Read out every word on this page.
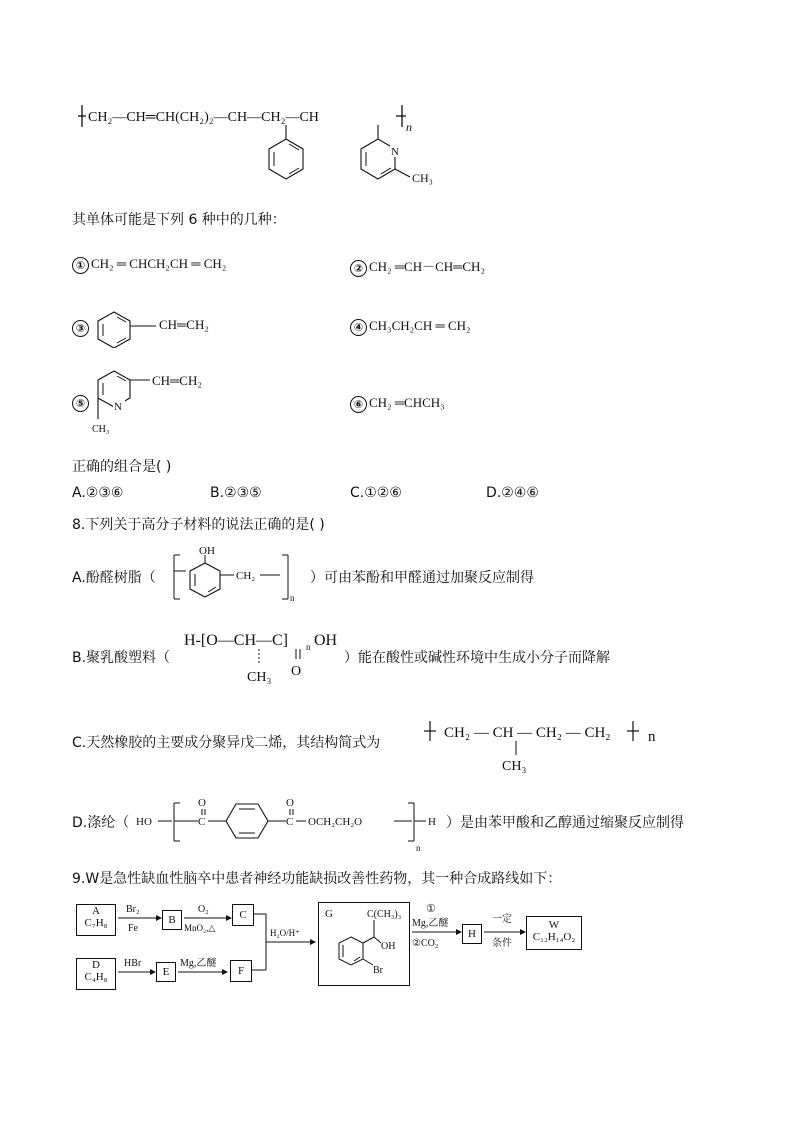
CH₂—CH═CH(CH₂)₂—CH—CH₂—CH
n
N
CH₃
其单体可能是下列 6 种中的几种：
① CH₂ ═ CHCH₂CH ═ CH₂	② CH₂ ═CH－CH═CH₂
③	CH═CH₂	④ CH₃CH₂CH ═ CH₂
⑤	N
CH₃
CH═CH₂
⑥ CH₂ ═CHCH₃
正确的组合是( )
A.②③⑥	B.②③⑤	C.①②⑥	D.②④⑥
8.下列关于高分子材料的说法正确的是( )
A.酚醛树脂（
OH
CH₂
n
）可由苯酚和甲醛通过加聚反应制得
B.聚乳酸塑料（
H-[O—CH—C] n OH
CH₃ O
）能在酸性或碱性环境中生成小分子而降解
C.天然橡胶的主要成分聚异戊二烯，其结构简式为
CH₂ — CH — CH₂ — CH₂ n
CH₃
D.涤纶（ HO	C
O
C
O
OCH₂CH₂O	H
n
）是由苯甲酸和乙醇通过缩聚反应制得
9.W是急性缺血性脑卒中患者神经功能缺损改善性药物，其一种合成路线如下：
A
C₇H₈
Br₂
Fe
B
O₂
MnO₂,△
C
D
C₄H₈
HBr
E
Mg,乙醚
F
H₂O/H⁺
G	C(CH₃)₃
OH
Br
①
Mg,乙醚
②CO₂
H
一定
条件
W
C₁₂H₁₄O₂
